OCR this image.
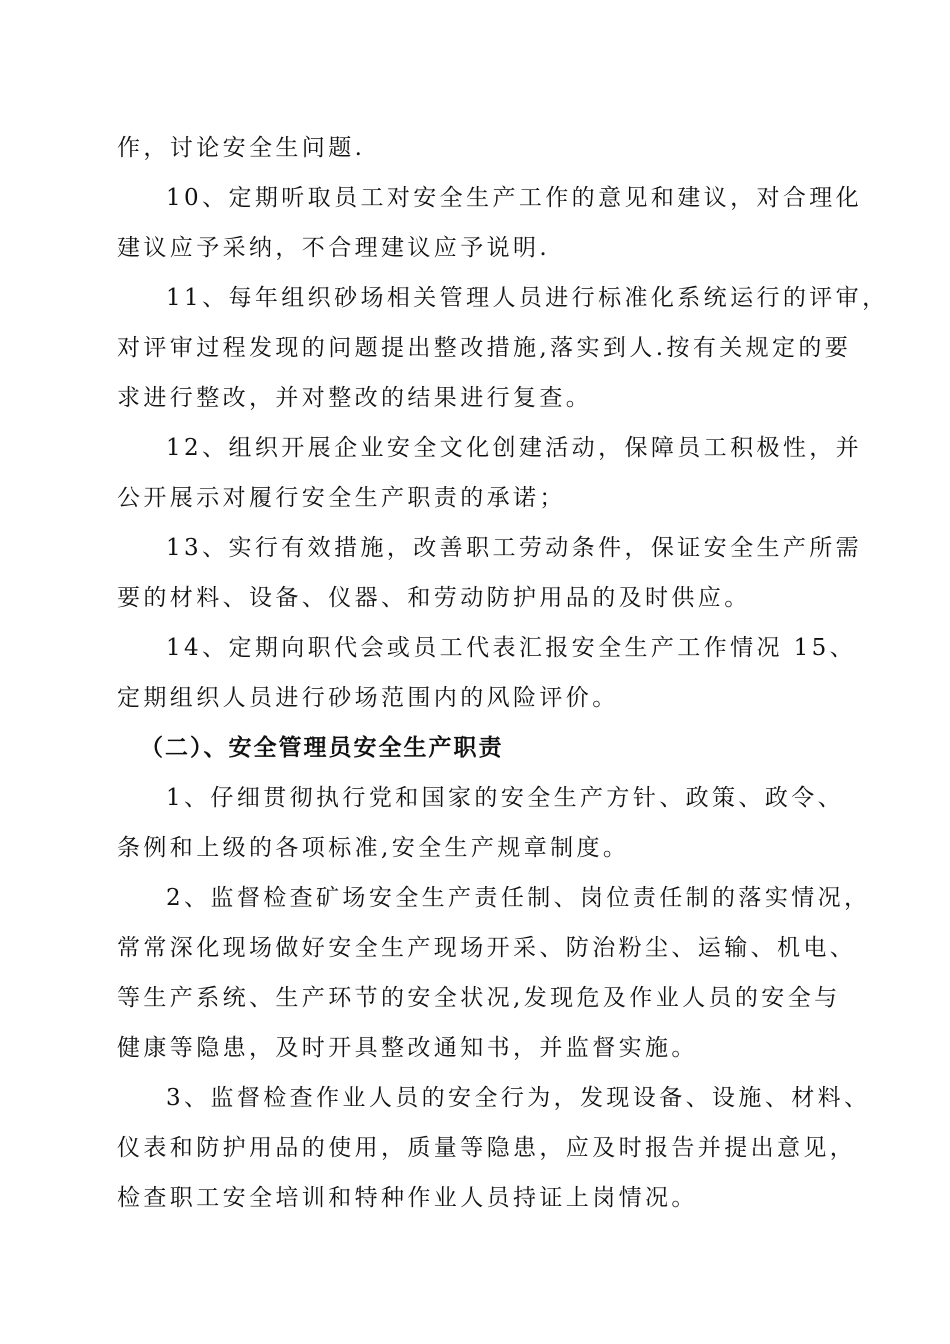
作，讨论安全生问题.
10、定期听取员工对安全生产工作的意见和建议，对合理化
建议应予采纳，不合理建议应予说明.
11、每年组织砂场相关管理人员进行标准化系统运行的评审，
对评审过程发现的问题提出整改措施,落实到人.按有关规定的要
求进行整改，并对整改的结果进行复查。
12、组织开展企业安全文化创建活动，保障员工积极性，并
公开展示对履行安全生产职责的承诺；
13、实行有效措施，改善职工劳动条件，保证安全生产所需
要的材料、设备、仪器、和劳动防护用品的及时供应。
14、定期向职代会或员工代表汇报安全生产工作情况 15、
定期组织人员进行砂场范围内的风险评价。
（二）、安全管理员安全生产职责
1、仔细贯彻执行党和国家的安全生产方针、政策、政令、
条例和上级的各项标准,安全生产规章制度。
2、监督检查矿场安全生产责任制、岗位责任制的落实情况，
常常深化现场做好安全生产现场开采、防治粉尘、运输、机电、
等生产系统、生产环节的安全状况,发现危及作业人员的安全与
健康等隐患，及时开具整改通知书，并监督实施。
3、监督检查作业人员的安全行为，发现设备、设施、材料、
仪表和防护用品的使用，质量等隐患，应及时报告并提出意见，
检查职工安全培训和特种作业人员持证上岗情况。
